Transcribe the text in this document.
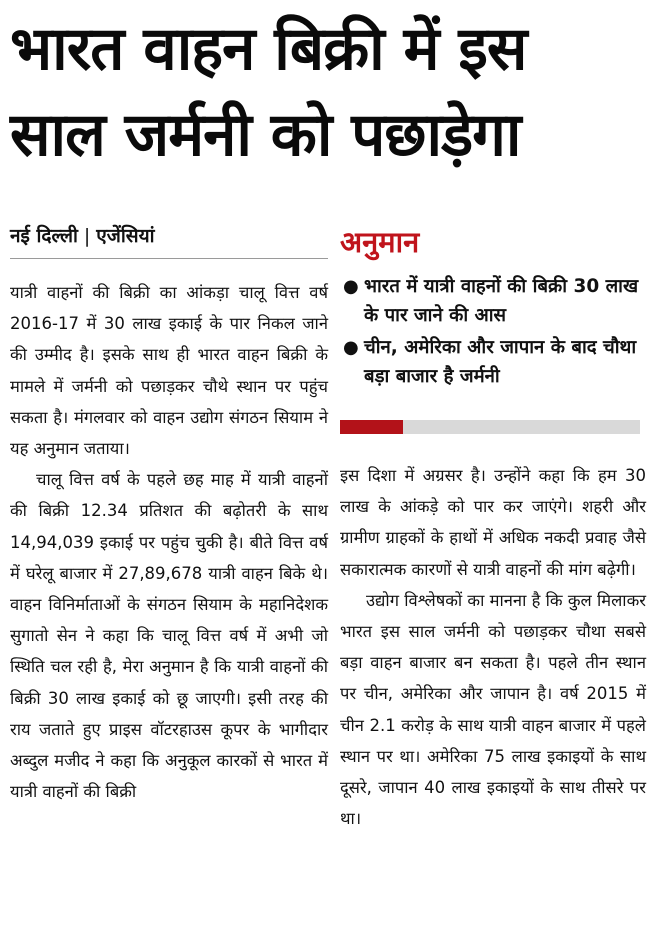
भारत वाहन बिक्री में इस
साल जर्मनी को पछाड़ेगा
नई दिल्ली | एजेंसियां

यात्री वाहनों की बिक्री का आंकड़ा चालू वित्त वर्ष 2016-17 में 30 लाख इकाई के पार निकल जाने की उम्मीद है। इसके साथ ही भारत वाहन बिक्री के मामले में जर्मनी को पछाड़कर चौथे स्थान पर पहुंच सकता है। मंगलवार को वाहन उद्योग संगठन सियाम ने यह अनुमान जताया।

चालू वित्त वर्ष के पहले छह माह में यात्री वाहनों की बिक्री 12.34 प्रतिशत की बढ़ोतरी के साथ 14,94,039 इकाई पर पहुंच चुकी है। बीते वित्त वर्ष में घरेलू बाजार में 27,89,678 यात्री वाहन बिके थे। वाहन विनिर्माताओं के संगठन सियाम के महानिदेशक सुगातो सेन ने कहा कि चालू वित्त वर्ष में अभी जो स्थिति चल रही है, मेरा अनुमान है कि यात्री वाहनों की बिक्री 30 लाख इकाई को छू जाएगी। इसी तरह की राय जताते हुए प्राइस वॉटरहाउस कूपर के भागीदार अब्दुल मजीद ने कहा कि अनुकूल कारकों से भारत में यात्री वाहनों की बिक्री

अनुमान
● भारत में यात्री वाहनों की बिक्री 30 लाख के पार जाने की आस
● चीन, अमेरिका और जापान के बाद चौथा बड़ा बाजार है जर्मनी

इस दिशा में अग्रसर है। उन्होंने कहा कि हम 30 लाख के आंकड़े को पार कर जाएंगे। शहरी और ग्रामीण ग्राहकों के हाथों में अधिक नकदी प्रवाह जैसे सकारात्मक कारणों से यात्री वाहनों की मांग बढ़ेगी।

उद्योग विश्लेषकों का मानना है कि कुल मिलाकर भारत इस साल जर्मनी को पछाड़कर चौथा सबसे बड़ा वाहन बाजार बन सकता है। पहले तीन स्थान पर चीन, अमेरिका और जापान है। वर्ष 2015 में चीन 2.1 करोड़ के साथ यात्री वाहन बाजार में पहले स्थान पर था। अमेरिका 75 लाख इकाइयों के साथ दूसरे, जापान 40 लाख इकाइयों के साथ तीसरे पर था।
